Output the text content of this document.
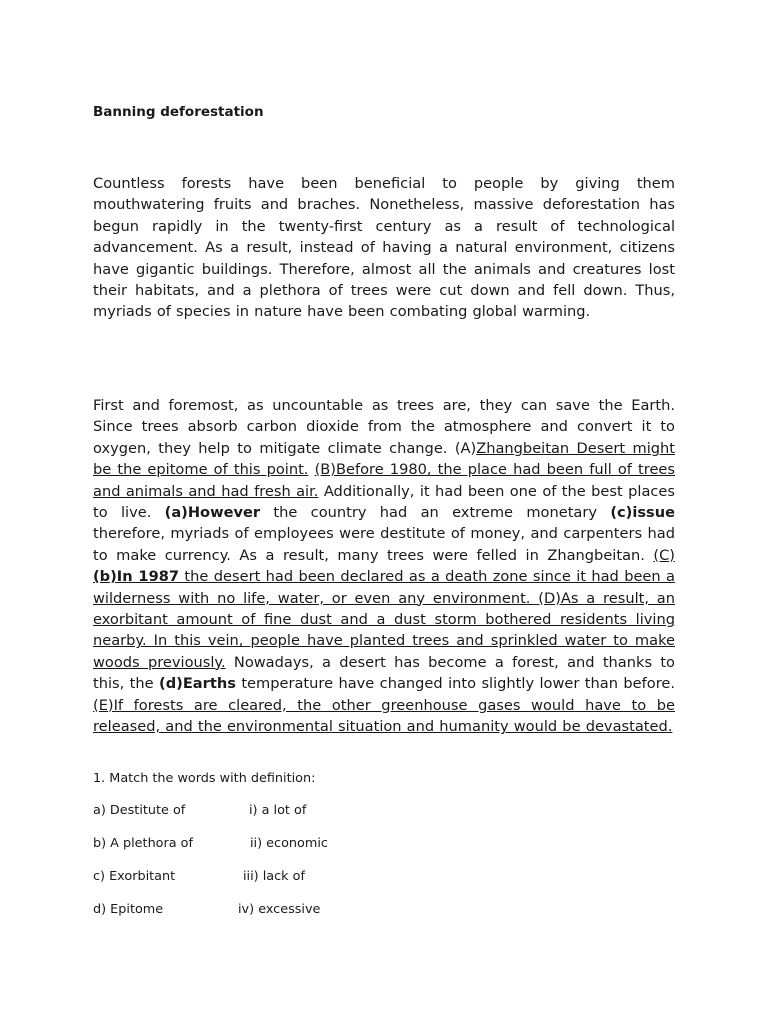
Banning deforestation
Countless forests have been beneficial to people by giving them mouthwatering fruits and braches. Nonetheless, massive deforestation has begun rapidly in the twenty-first century as a result of technological advancement. As a result, instead of having a natural environment, citizens have gigantic buildings. Therefore, almost all the animals and creatures lost their habitats, and a plethora of trees were cut down and fell down. Thus, myriads of species in nature have been combating global warming.
First and foremost, as uncountable as trees are, they can save the Earth. Since trees absorb carbon dioxide from the atmosphere and convert it to oxygen, they help to mitigate climate change. (A)Zhangbeitan Desert might be the epitome of this point. (B)Before 1980, the place had been full of trees and animals and had fresh air. Additionally, it had been one of the best places to live. (a)However the country had an extreme monetary (c)issue therefore, myriads of employees were destitute of money, and carpenters had to make currency. As a result, many trees were felled in Zhangbeitan. (C) (b)In 1987 the desert had been declared as a death zone since it had been a wilderness with no life, water, or even any environment. (D)As a result, an exorbitant amount of fine dust and a dust storm bothered residents living nearby. In this vein, people have planted trees and sprinkled water to make woods previously. Nowadays, a desert has become a forest, and thanks to this, the (d)Earths temperature have changed into slightly lower than before. (E)If forests are cleared, the other greenhouse gases would have to be released, and the environmental situation and humanity would be devastated.
1. Match the words with definition:
a) Destitute of	i) a lot of
b) A plethora of	ii) economic
c) Exorbitant	iii) lack of
d) Epitome	iv) excessive
